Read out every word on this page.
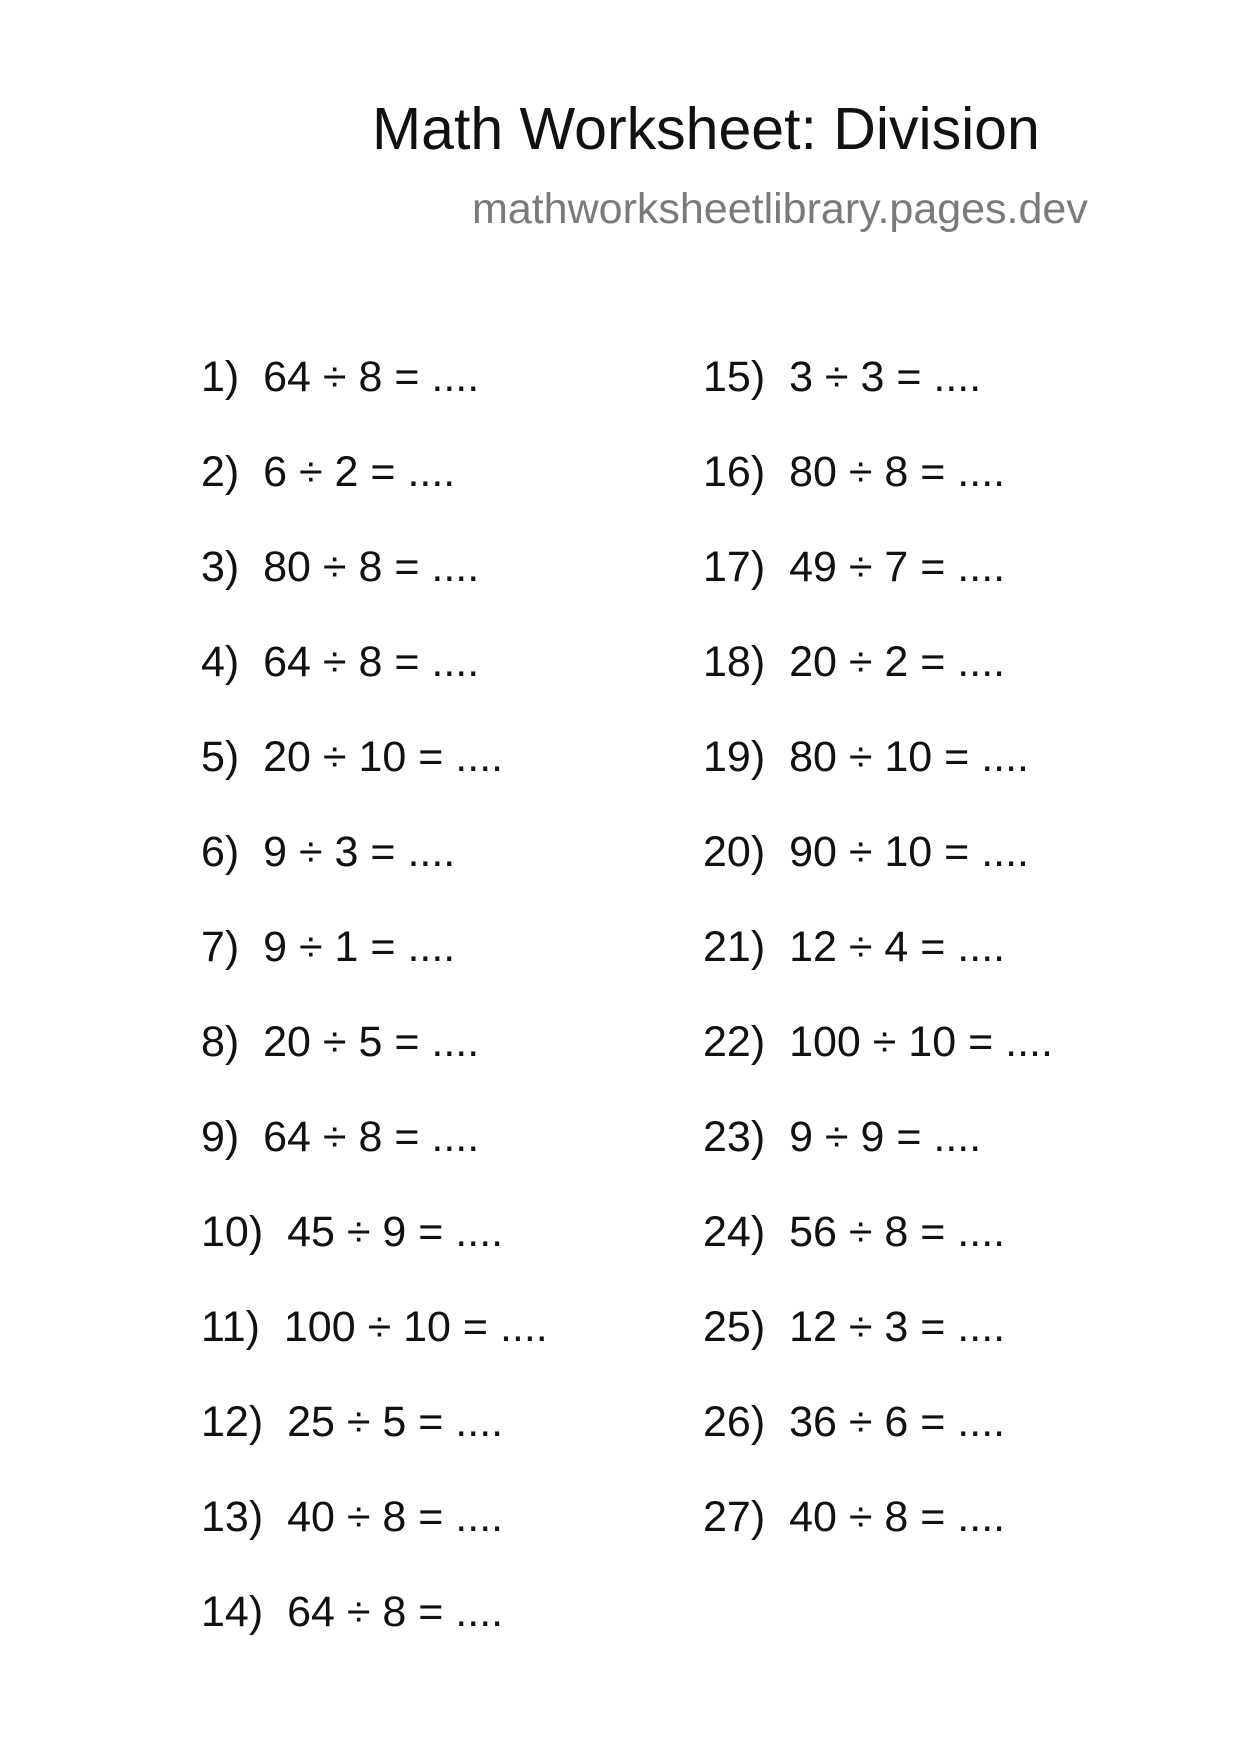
Math Worksheet: Division
mathworksheetlibrary.pages.dev
1) 64 ÷ 8 = ....
2) 6 ÷ 2 = ....
3) 80 ÷ 8 = ....
4) 64 ÷ 8 = ....
5) 20 ÷ 10 = ....
6) 9 ÷ 3 = ....
7) 9 ÷ 1 = ....
8) 20 ÷ 5 = ....
9) 64 ÷ 8 = ....
10) 45 ÷ 9 = ....
11) 100 ÷ 10 = ....
12) 25 ÷ 5 = ....
13) 40 ÷ 8 = ....
14) 64 ÷ 8 = ....
15) 3 ÷ 3 = ....
16) 80 ÷ 8 = ....
17) 49 ÷ 7 = ....
18) 20 ÷ 2 = ....
19) 80 ÷ 10 = ....
20) 90 ÷ 10 = ....
21) 12 ÷ 4 = ....
22) 100 ÷ 10 = ....
23) 9 ÷ 9 = ....
24) 56 ÷ 8 = ....
25) 12 ÷ 3 = ....
26) 36 ÷ 6 = ....
27) 40 ÷ 8 = ....
